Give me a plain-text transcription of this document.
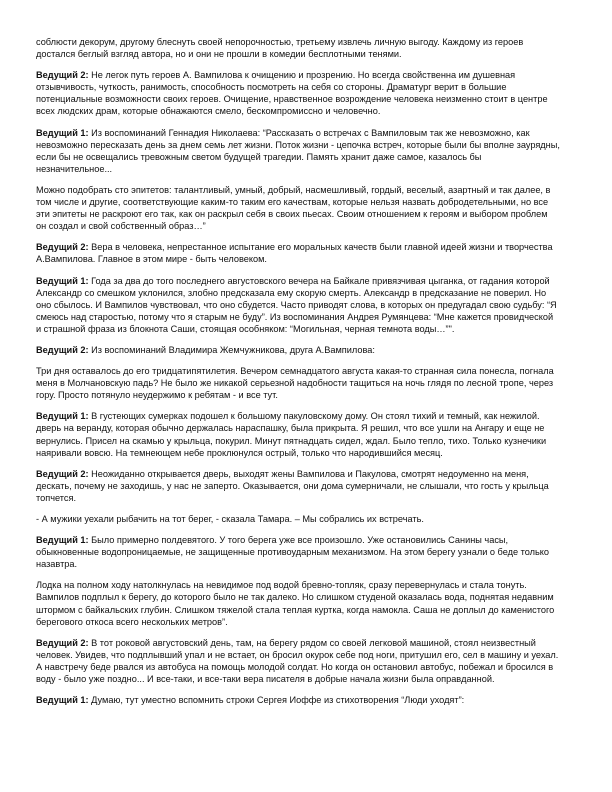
соблюсти декорум, другому блеснуть своей непорочностью, третьему извлечь личную выгоду. Каждому из героев достался беглый взгляд автора, но и они не прошли в комедии бесплотными тенями.

Ведущий 2: Не легок путь героев А. Вампилова к очищению и прозрению. Но всегда свойственна им душевная отзывчивость, чуткость, ранимость, способность посмотреть на себя со стороны. Драматург верит в большие потенциальные возможности своих героев. Очищение, нравственное возрождение человека неизменно стоит в центре всех людских драм, которые обнажаются смело, бескомпромиссно и человечно.

Ведущий 1: Из воспоминаний Геннадия Николаева: “Рассказать о встречах с Вампиловым так же невозможно, как невозможно пересказать день за днем семь лет жизни. Поток жизни - цепочка встреч, которые были бы вполне заурядны, если бы не освещались тревожным светом будущей трагедии. Память хранит даже самое, казалось бы незначительное...

Можно подобрать сто эпитетов: талантливый, умный, добрый, насмешливый, гордый, веселый, азартный и так далее, в том числе и другие, соответствующие каким-то таким его качествам, которые нельзя назвать добродетельными, но все эти эпитеты не раскроют его так, как он раскрыл себя в своих пьесах. Своим отношением к героям и выбором проблем он создал и свой собственный образ…”

Ведущий 2: Вера в человека, непрестанное испытание его моральных качеств были главной идеей жизни и творчества А.Вампилова. Главное в этом мире - быть человеком.

Ведущий 1: Года за два до того последнего августовского вечера на Байкале привязчивая цыганка, от гадания которой Александр со смешком уклонился, злобно предсказала ему скорую смерть. Александр в предсказание не поверил. Но оно сбылось. И Вампилов чувствовал, что оно сбудется. Часто приводят слова, в которых он предугадал свою судьбу: “Я смеюсь над старостью, потому что я старым не буду”. Из воспоминания Андрея Румянцева: “Мне кажется провидческой и страшной фраза из блокнота Саши, стоящая особняком: “Могильная, черная темнота воды…”".

Ведущий 2: Из воспоминаний Владимира Жемчужникова, друга А.Вампилова:

Три дня оставалось до его тридцатипятилетия. Вечером семнадцатого августа какая-то странная сила понесла, погнала меня в Молчановскую падь? Не было же никакой серьезной надобности тащиться на ночь глядя по лесной тропе, через гору. Просто потянуло неудержимо к ребятам - и все тут.

Ведущий 1: В густеющих сумерках подошел к большому пакуловскому дому. Он стоял тихий и темный, как нежилой. дверь на веранду, которая обычно держалась нараспашку, была прикрыта. Я решил, что все ушли на Ангару и еще не вернулись. Присел на скамью у крыльца, покурил. Минут пятнадцать сидел, ждал. Было тепло, тихо. Только кузнечики наяривали вовсю. На темнеющем небе проклюнулся острый, только что народившийся месяц.

Ведущий 2: Неожиданно открывается дверь, выходят жены Вампилова и Пакулова, смотрят недоуменно на меня, дескать, почему не заходишь, у нас не заперто. Оказывается, они дома сумерничали, не слышали, что гость у крыльца топчется.

- А мужики уехали рыбачить на тот берег, - сказала Тамара. – Мы собрались их встречать.

Ведущий 1: Было примерно полдевятого. У того берега уже все произошло. Уже остановились Санины часы, обыкновенные водопроницаемые, не защищенные противоударным механизмом. На этом берегу узнали о беде только назавтра.

Лодка на полном ходу натолкнулась на невидимое под водой бревно-топляк, сразу перевернулась и стала тонуть. Вампилов подплыл к берегу, до которого было не так далеко. Но слишком студеной оказалась вода, поднятая недавним штормом с байкальских глубин. Слишком тяжелой стала теплая куртка, когда намокла. Саша не доплыл до каменистого берегового откоса всего нескольких метров”.

Ведущий 2: В тот роковой августовский день, там, на берегу рядом со своей легковой машиной, стоял неизвестный человек. Увидев, что подплывший упал и не встает, он бросил окурок себе под ноги, притушил его, сел в машину и уехал. А навстречу беде рвался из автобуса на помощь молодой солдат. Но когда он остановил автобус, побежал и бросился в воду - было уже поздно... И все-таки, и все-таки вера писателя в добрые начала жизни была оправданной.

Ведущий 1: Думаю, тут уместно вспомнить строки Сергея Иоффе из стихотворения “Люди уходят”:
